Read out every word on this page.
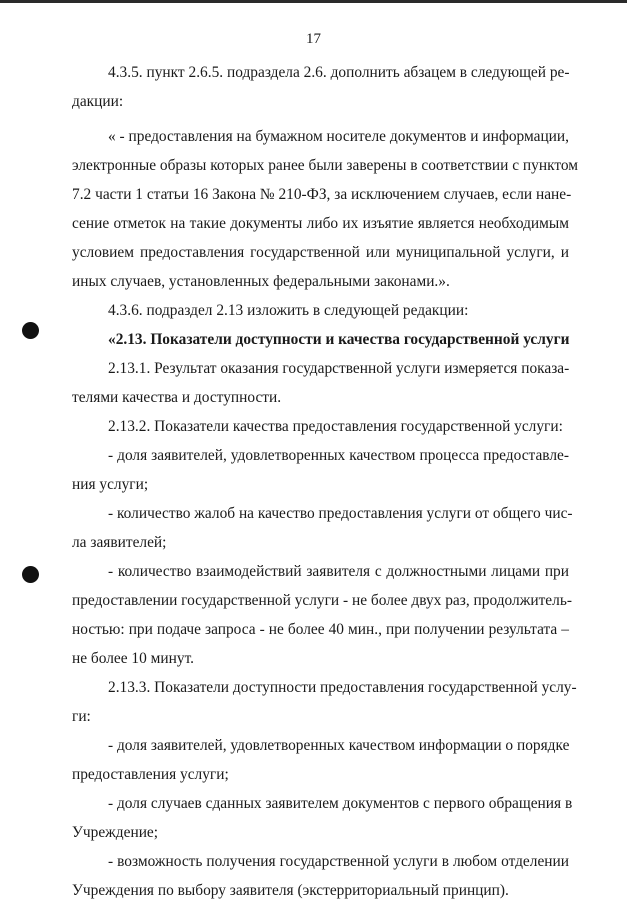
17
4.3.5. пункт 2.6.5. подраздела 2.6. дополнить абзацем в следующей ре-
дакции:
« - предоставления на бумажном носителе документов и информации,
электронные образы которых ранее были заверены в соответствии с пунктом
7.2 части 1 статьи 16 Закона № 210-ФЗ, за исключением случаев, если нане-
сение отметок на такие документы либо их изъятие является необходимым
условием предоставления государственной или муниципальной услуги, и
иных случаев, установленных федеральными законами.».
4.3.6. подраздел 2.13 изложить в следующей редакции:
«2.13. Показатели доступности и качества государственной услуги
2.13.1. Результат оказания государственной услуги измеряется показа-
телями качества и доступности.
2.13.2. Показатели качества предоставления государственной услуги:
- доля заявителей, удовлетворенных качеством процесса предоставле-
ния услуги;
- количество жалоб на качество предоставления услуги от общего чис-
ла заявителей;
- количество взаимодействий заявителя с должностными лицами при
предоставлении государственной услуги - не более двух раз, продолжитель-
ностью: при подаче запроса - не более 40 мин., при получении результата –
не более 10 минут.
2.13.3. Показатели доступности предоставления государственной услу-
ги:
- доля заявителей, удовлетворенных качеством информации о порядке
предоставления услуги;
- доля случаев сданных заявителем документов с первого обращения в
Учреждение;
- возможность получения государственной услуги в любом отделении
Учреждения по выбору заявителя (экстерриториальный принцип).
